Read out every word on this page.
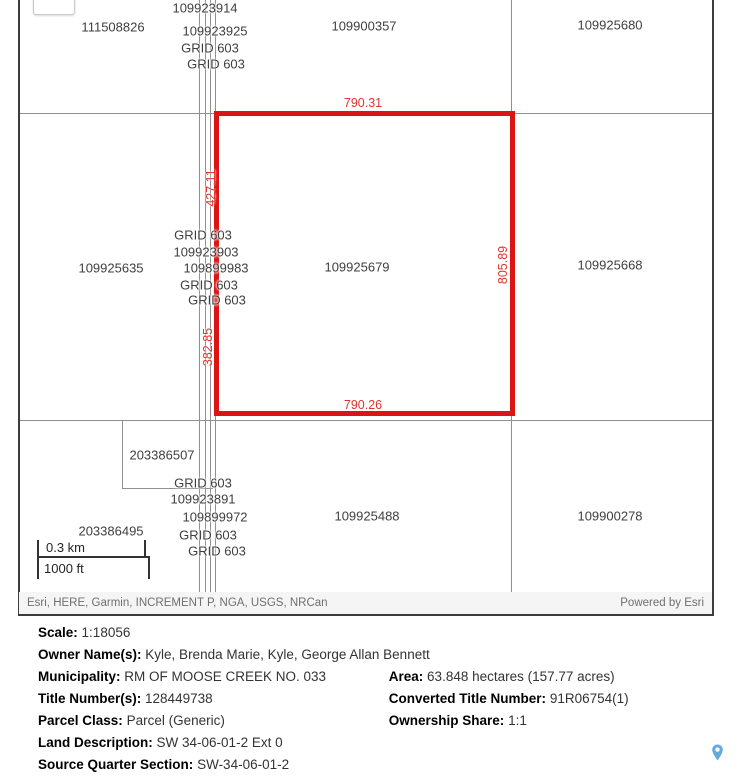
790.31
790.26
427.11
382.85
805.89
109923914
111508826	109923925
GRID 603
GRID 603
109900357	109925680
109925635
GRID 603
109923903
109899983
GRID 603
GRID 603
109925679	109925668
203386507
GRID 603
109923891
109899972
203386495	GRID 603
GRID 603
109925488	109900278
0.3 km
1000 ft
Esri, HERE, Garmin, INCREMENT P, NGA, USGS, NRCan	Powered by Esri
Scale: 1:18056
Owner Name(s): Kyle, Brenda Marie, Kyle, George Allan Bennett
Municipality: RM OF MOOSE CREEK NO. 033	Area: 63.848 hectares (157.77 acres)
Title Number(s): 128449738	Converted Title Number: 91R06754(1)
Parcel Class: Parcel (Generic)	Ownership Share: 1:1
Land Description: SW 34-06-01-2 Ext 0
Source Quarter Section: SW-34-06-01-2
